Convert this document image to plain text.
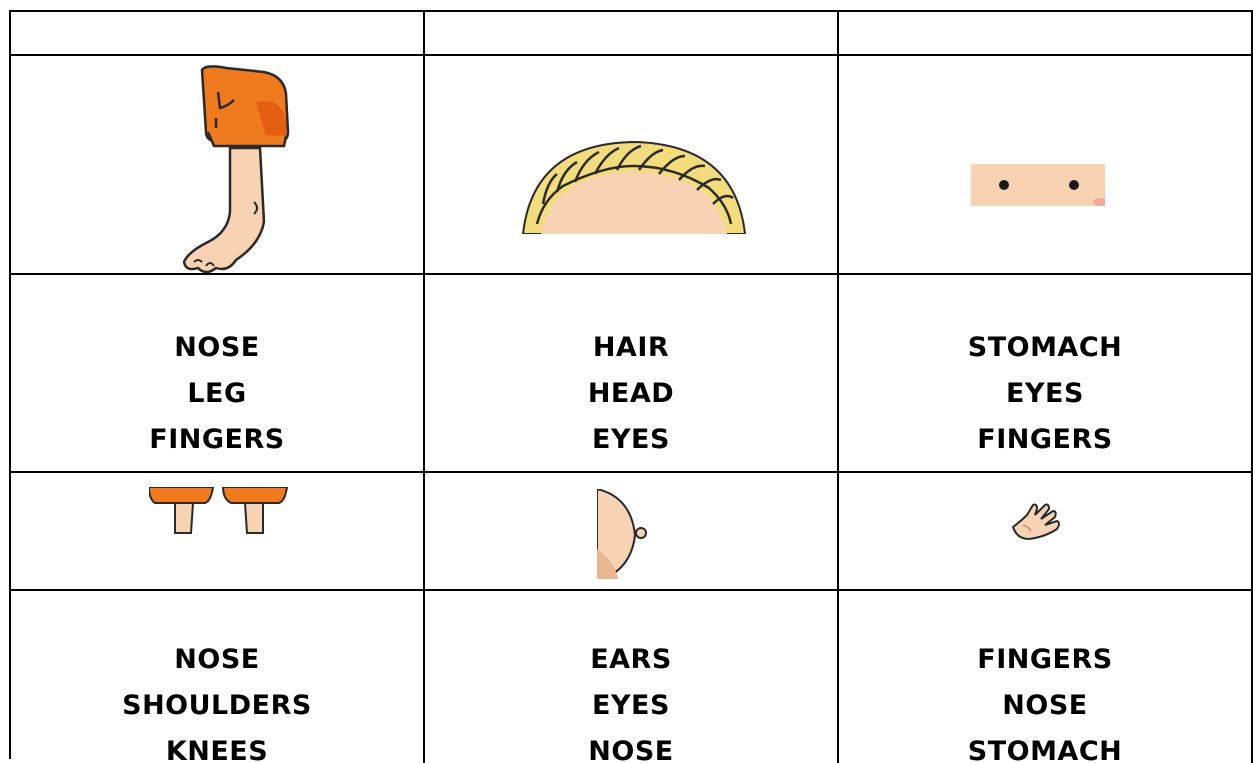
NOSE
LEG
FINGERS
HAIR
HEAD
EYES
STOMACH
EYES
FINGERS
NOSE
SHOULDERS
KNEES
EARS
EYES
NOSE
FINGERS
NOSE
STOMACH
